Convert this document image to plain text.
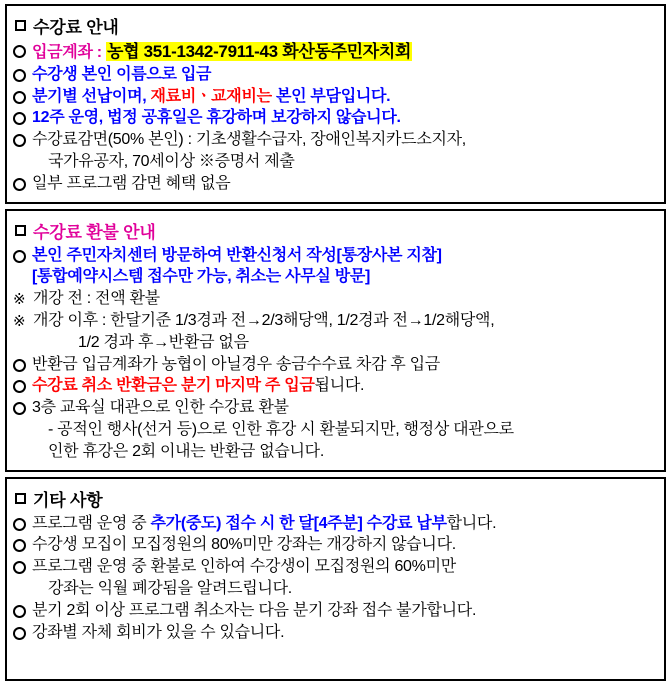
수강료 안내
입금계좌 : 농협 351-1342-7911-43 화산동주민자치회
수강생 본인 이름으로 입금
분기별 선납이며, 재료비ㆍ교재비는 본인 부담입니다.
12주 운영, 법정 공휴일은 휴강하며 보강하지 않습니다.
수강료감면(50% 본인) : 기초생활수급자, 장애인복지카드소지자,
국가유공자, 70세이상 ※증명서 제출
일부 프로그램 감면 혜택 없음
수강료 환불 안내
본인 주민자치센터 방문하여 반환신청서 작성[통장사본 지참]
[통합예약시스템 접수만 가능, 취소는 사무실 방문]
※ 개강 전 : 전액 환불
※ 개강 이후 : 한달기준 1/3경과 전→2/3해당액, 1/2경과 전→1/2해당액,
1/2 경과 후→반환금 없음
반환금 입금계좌가 농협이 아닐경우 송금수수료 차감 후 입금
수강료 취소 반환금은 분기 마지막 주 입금됩니다.
3층 교육실 대관으로 인한 수강료 환불
- 공적인 행사(선거 등)으로 인한 휴강 시 환불되지만, 행정상 대관으로
인한 휴강은 2회 이내는 반환금 없습니다.
기타 사항
프로그램 운영 중 추가(중도) 접수 시 한 달[4주분] 수강료 납부합니다.
수강생 모집이 모집정원의 80%미만 강좌는 개강하지 않습니다.
프로그램 운영 중 환불로 인하여 수강생이 모집정원의 60%미만
강좌는 익월 폐강됨을 알려드립니다.
분기 2회 이상 프로그램 취소자는 다음 분기 강좌 접수 불가합니다.
강좌별 자체 회비가 있을 수 있습니다.
